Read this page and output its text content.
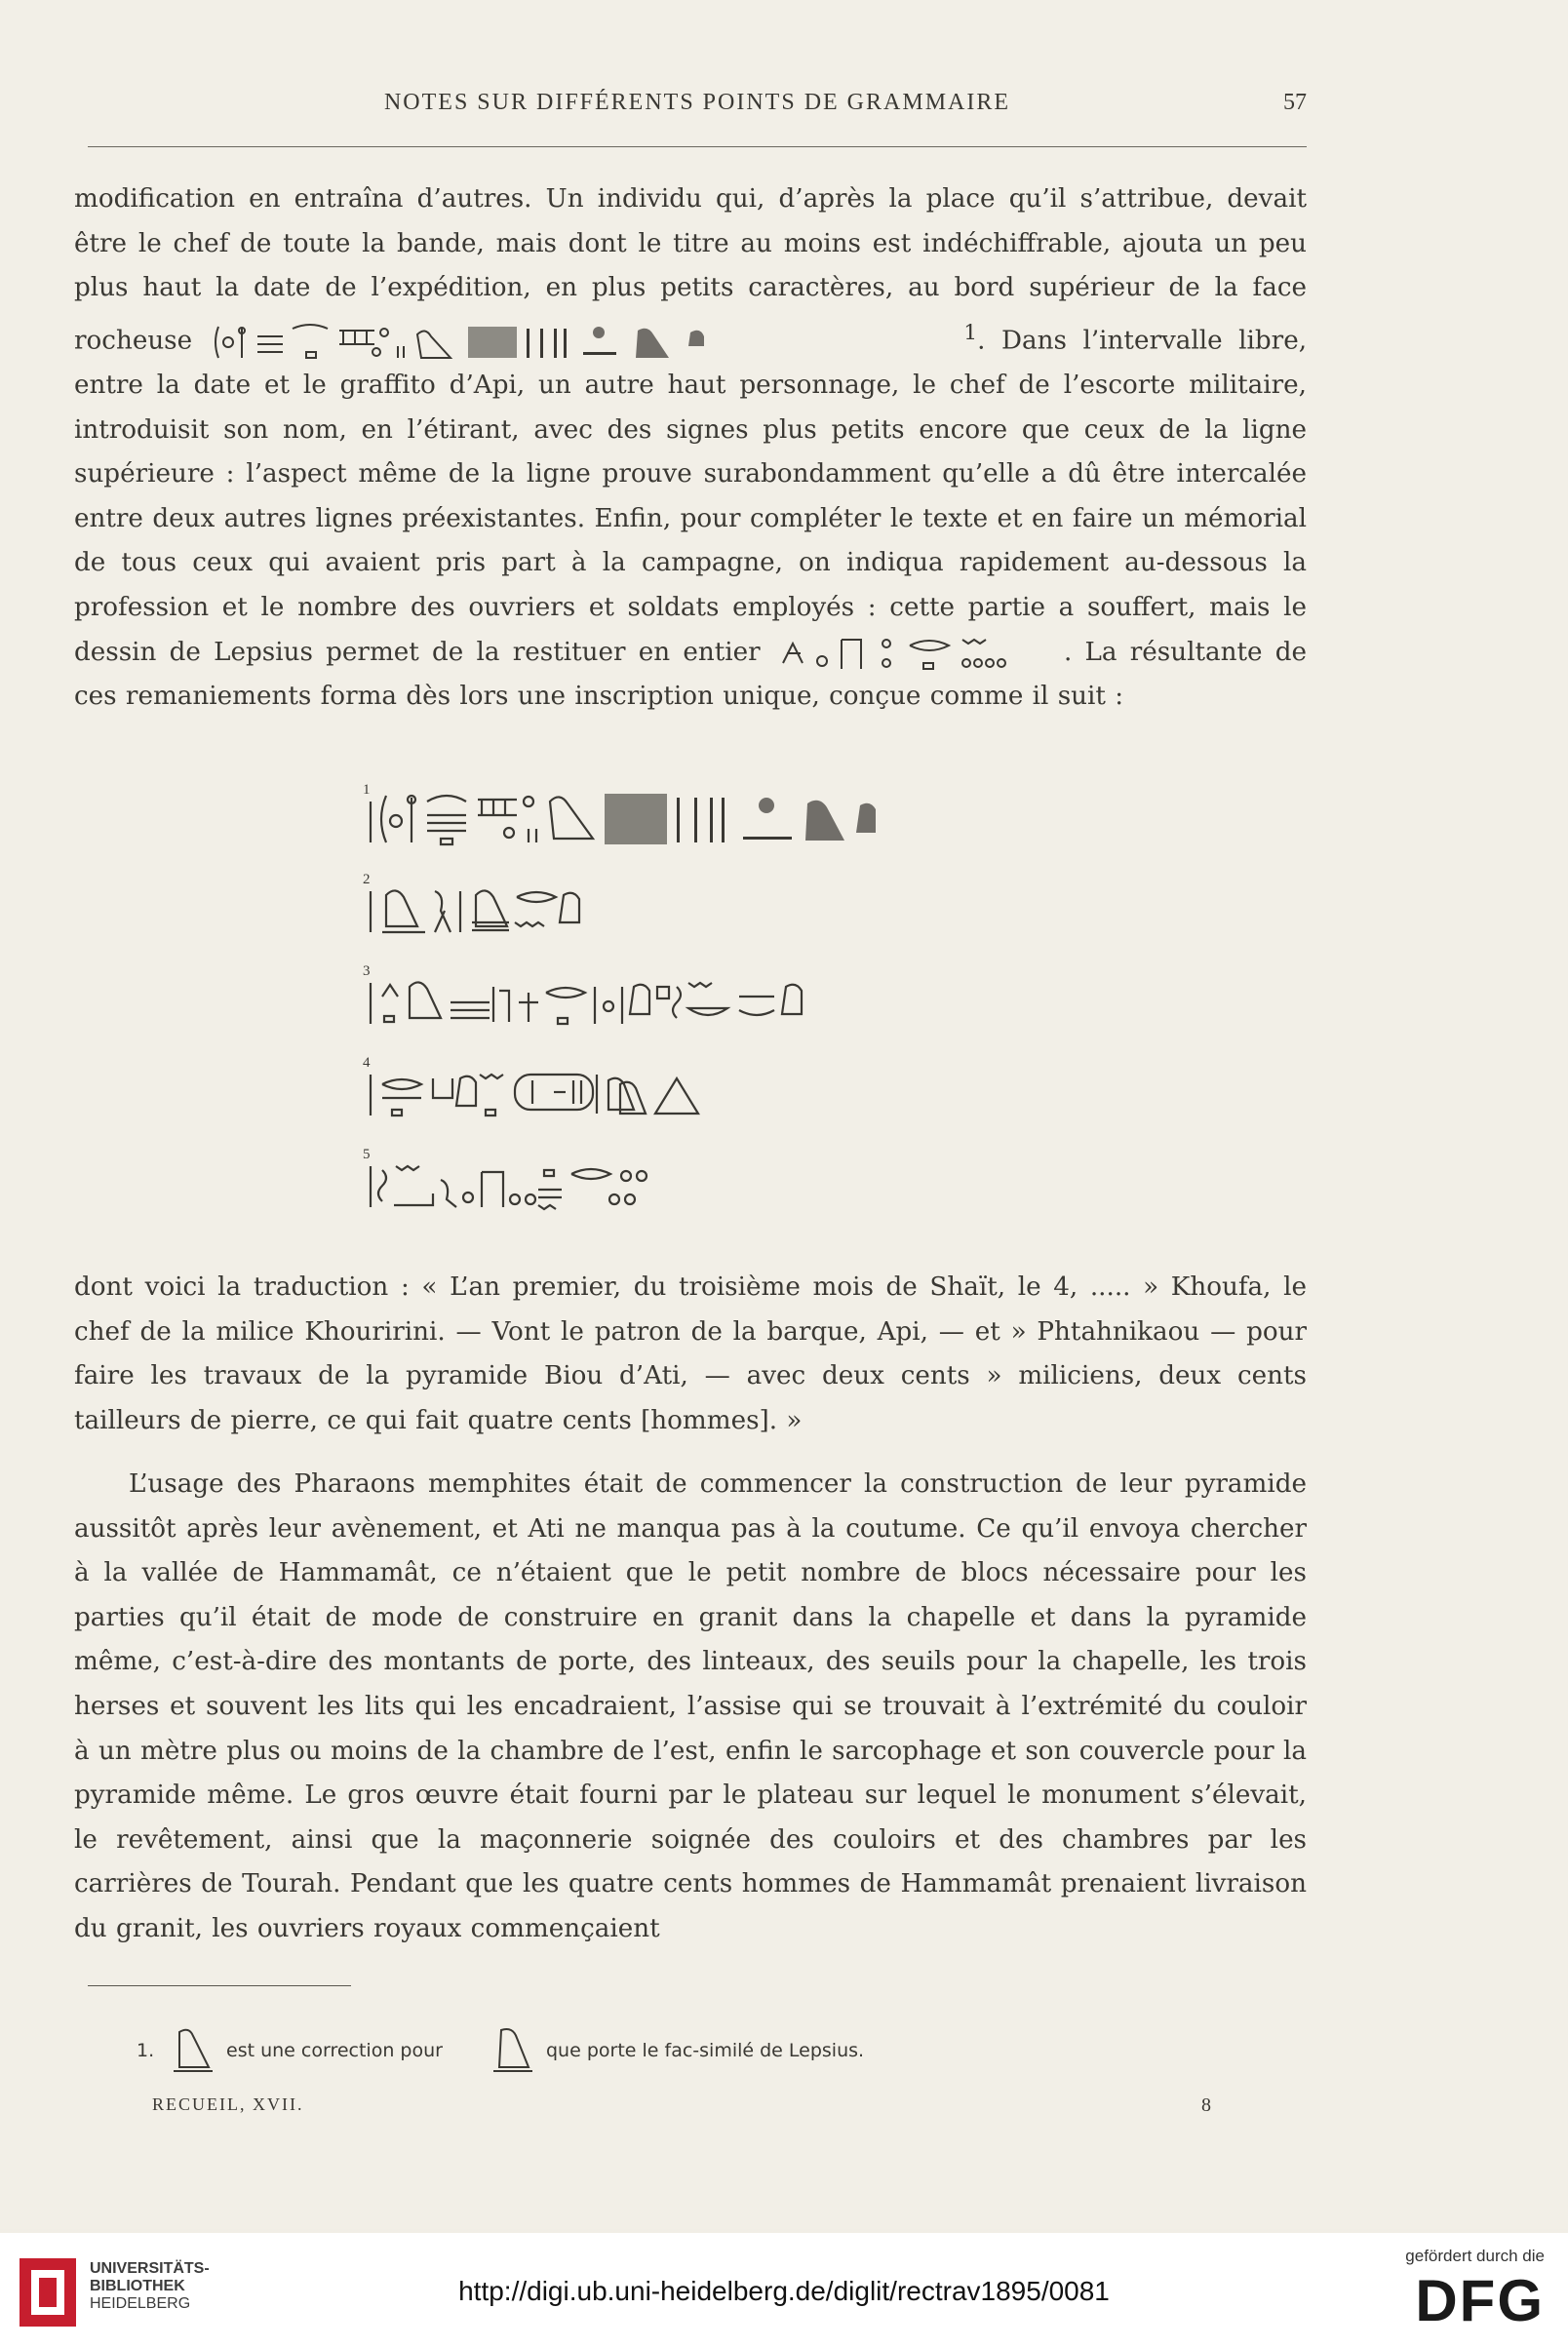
NOTES SUR DIFFÉRENTS POINTS DE GRAMMAIRE	57

modification en entraîna d’autres. Un individu qui, d’après la place qu’il s’attribue, devait être le chef de toute la bande, mais dont le titre au moins est indéchiffrable, ajouta un peu plus haut la date de l’expédition, en plus petits caractères, au bord supérieur de la face rocheuse	$^1$. Dans l’intervalle libre, entre la date et le graffito d’Api, un autre haut personnage, le chef de l’escorte militaire, introduisit son nom, en l’étirant, avec des signes plus petits encore que ceux de la ligne supérieure : l’aspect même de la ligne prouve surabondamment qu’elle a dû être intercalée entre deux autres lignes préexistantes. Enfin, pour compléter le texte et en faire un mémorial de tous ceux qui avaient pris part à la campagne, on indiqua rapidement au-dessous la profession et le nombre des ouvriers et soldats employés : cette partie a souffert, mais le dessin de Lepsius permet de la restituer en entier	. La résultante de ces remaniements forma dès lors une inscription unique, conçue comme il suit :

1
2
3
4
5

dont voici la traduction : « L’an premier, du troisième mois de Shaït, le 4, ..... » Khoufa, le chef de la milice Khouririni. — Vont le patron de la barque, Api, — et » Phtahnikaou — pour faire les travaux de la pyramide Biou d’Ati, — avec deux cents » miliciens, deux cents tailleurs de pierre, ce qui fait quatre cents [hommes]. »

L’usage des Pharaons memphites était de commencer la construction de leur pyramide aussitôt après leur avènement, et Ati ne manqua pas à la coutume. Ce qu’il envoya chercher à la vallée de Hammamât, ce n’étaient que le petit nombre de blocs nécessaire pour les parties qu’il était de mode de construire en granit dans la chapelle et dans la pyramide même, c’est-à-dire des montants de porte, des linteaux, des seuils pour la chapelle, les trois herses et souvent les lits qui les encadraient, l’assise qui se trouvait à l’extrémité du couloir à un mètre plus ou moins de la chambre de l’est, enfin le sarcophage et son couvercle pour la pyramide même. Le gros œuvre était fourni par le plateau sur lequel le monument s’élevait, le revêtement, ainsi que la maçonnerie soignée des couloirs et des chambres par les carrières de Tourah. Pendant que les quatre cents hommes de Hammamât prenaient livraison du granit, les ouvriers royaux commençaient

1.	est une correction pour	que porte le fac-similé de Lepsius.
RECUEIL, XVII.	8
UNIVERSITÄTS-
BIBLIOTHEK
HEIDELBERG	http://digi.ub.uni-heidelberg.de/diglit/rectrav1895/0081
gefördert durch die
DFG
